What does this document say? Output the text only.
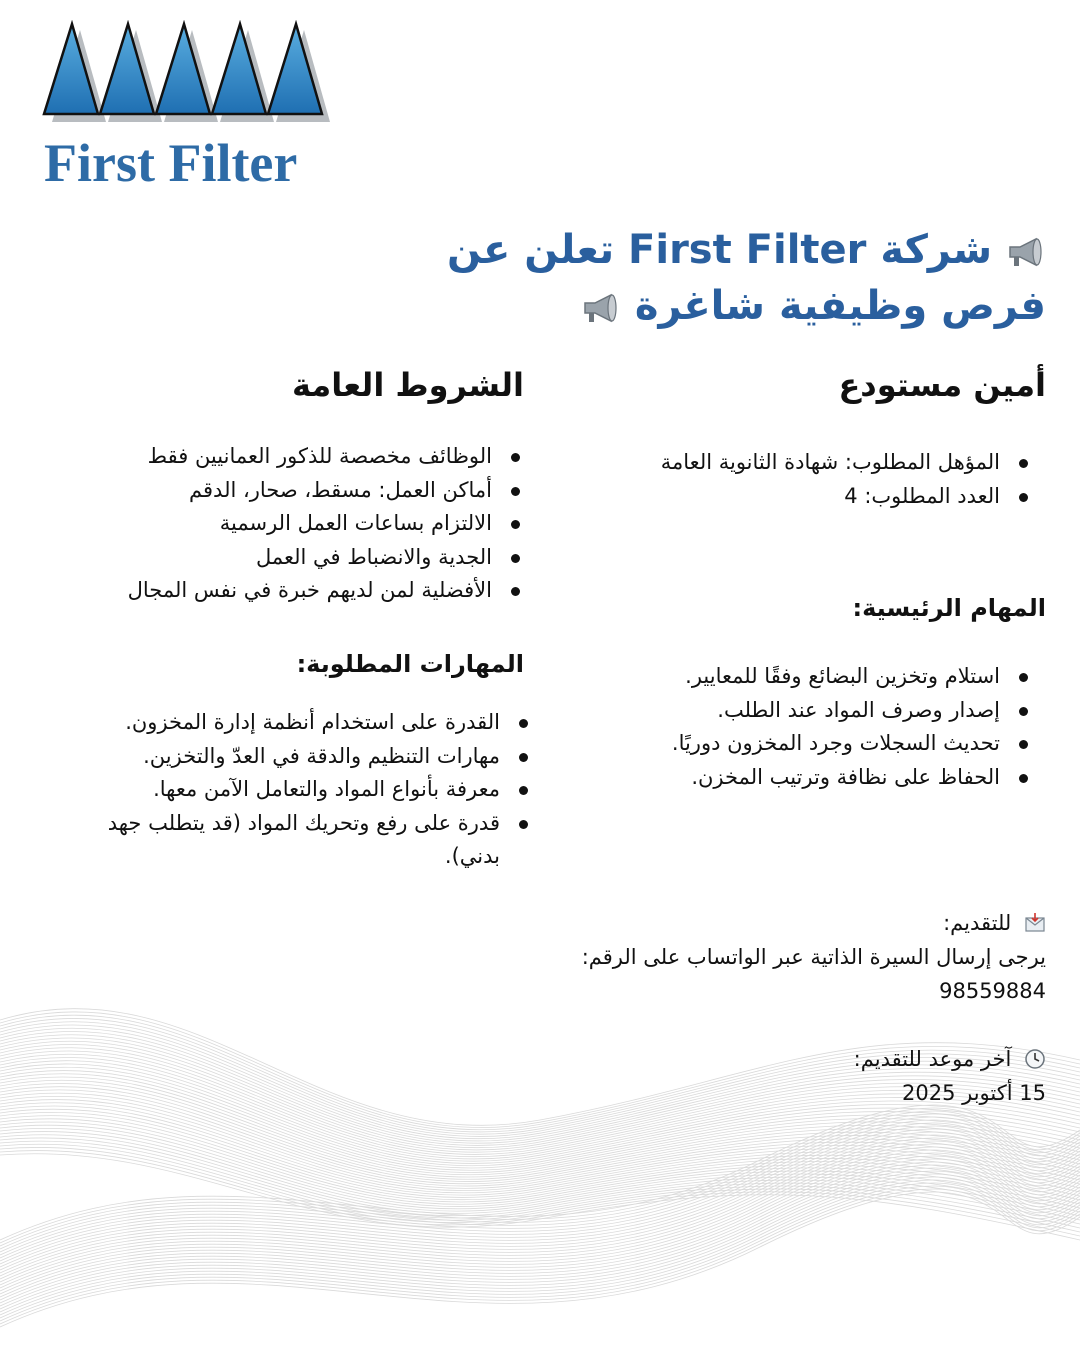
First Filter
شركة First Filter تعلن عن
فرص وظيفية شاغرة
أمين مستودع
المؤهل المطلوب: شهادة الثانوية العامة
العدد المطلوب: 4
المهام الرئيسية:
استلام وتخزين البضائع وفقًا للمعايير.
إصدار وصرف المواد عند الطلب.
تحديث السجلات وجرد المخزون دوريًا.
الحفاظ على نظافة وترتيب المخزن.
الشروط العامة
الوظائف مخصصة للذكور العمانيين فقط
أماكن العمل: مسقط، صحار، الدقم
الالتزام بساعات العمل الرسمية
الجدية والانضباط في العمل
الأفضلية لمن لديهم خبرة في نفس المجال
المهارات المطلوبة:
القدرة على استخدام أنظمة إدارة المخزون.
مهارات التنظيم والدقة في العدّ والتخزين.
معرفة بأنواع المواد والتعامل الآمن معها.
قدرة على رفع وتحريك المواد (قد يتطلب جهد بدني).
للتقديم:
يرجى إرسال السيرة الذاتية عبر الواتساب على الرقم: 98559884
آخر موعد للتقديم:
15 أكتوبر 2025
